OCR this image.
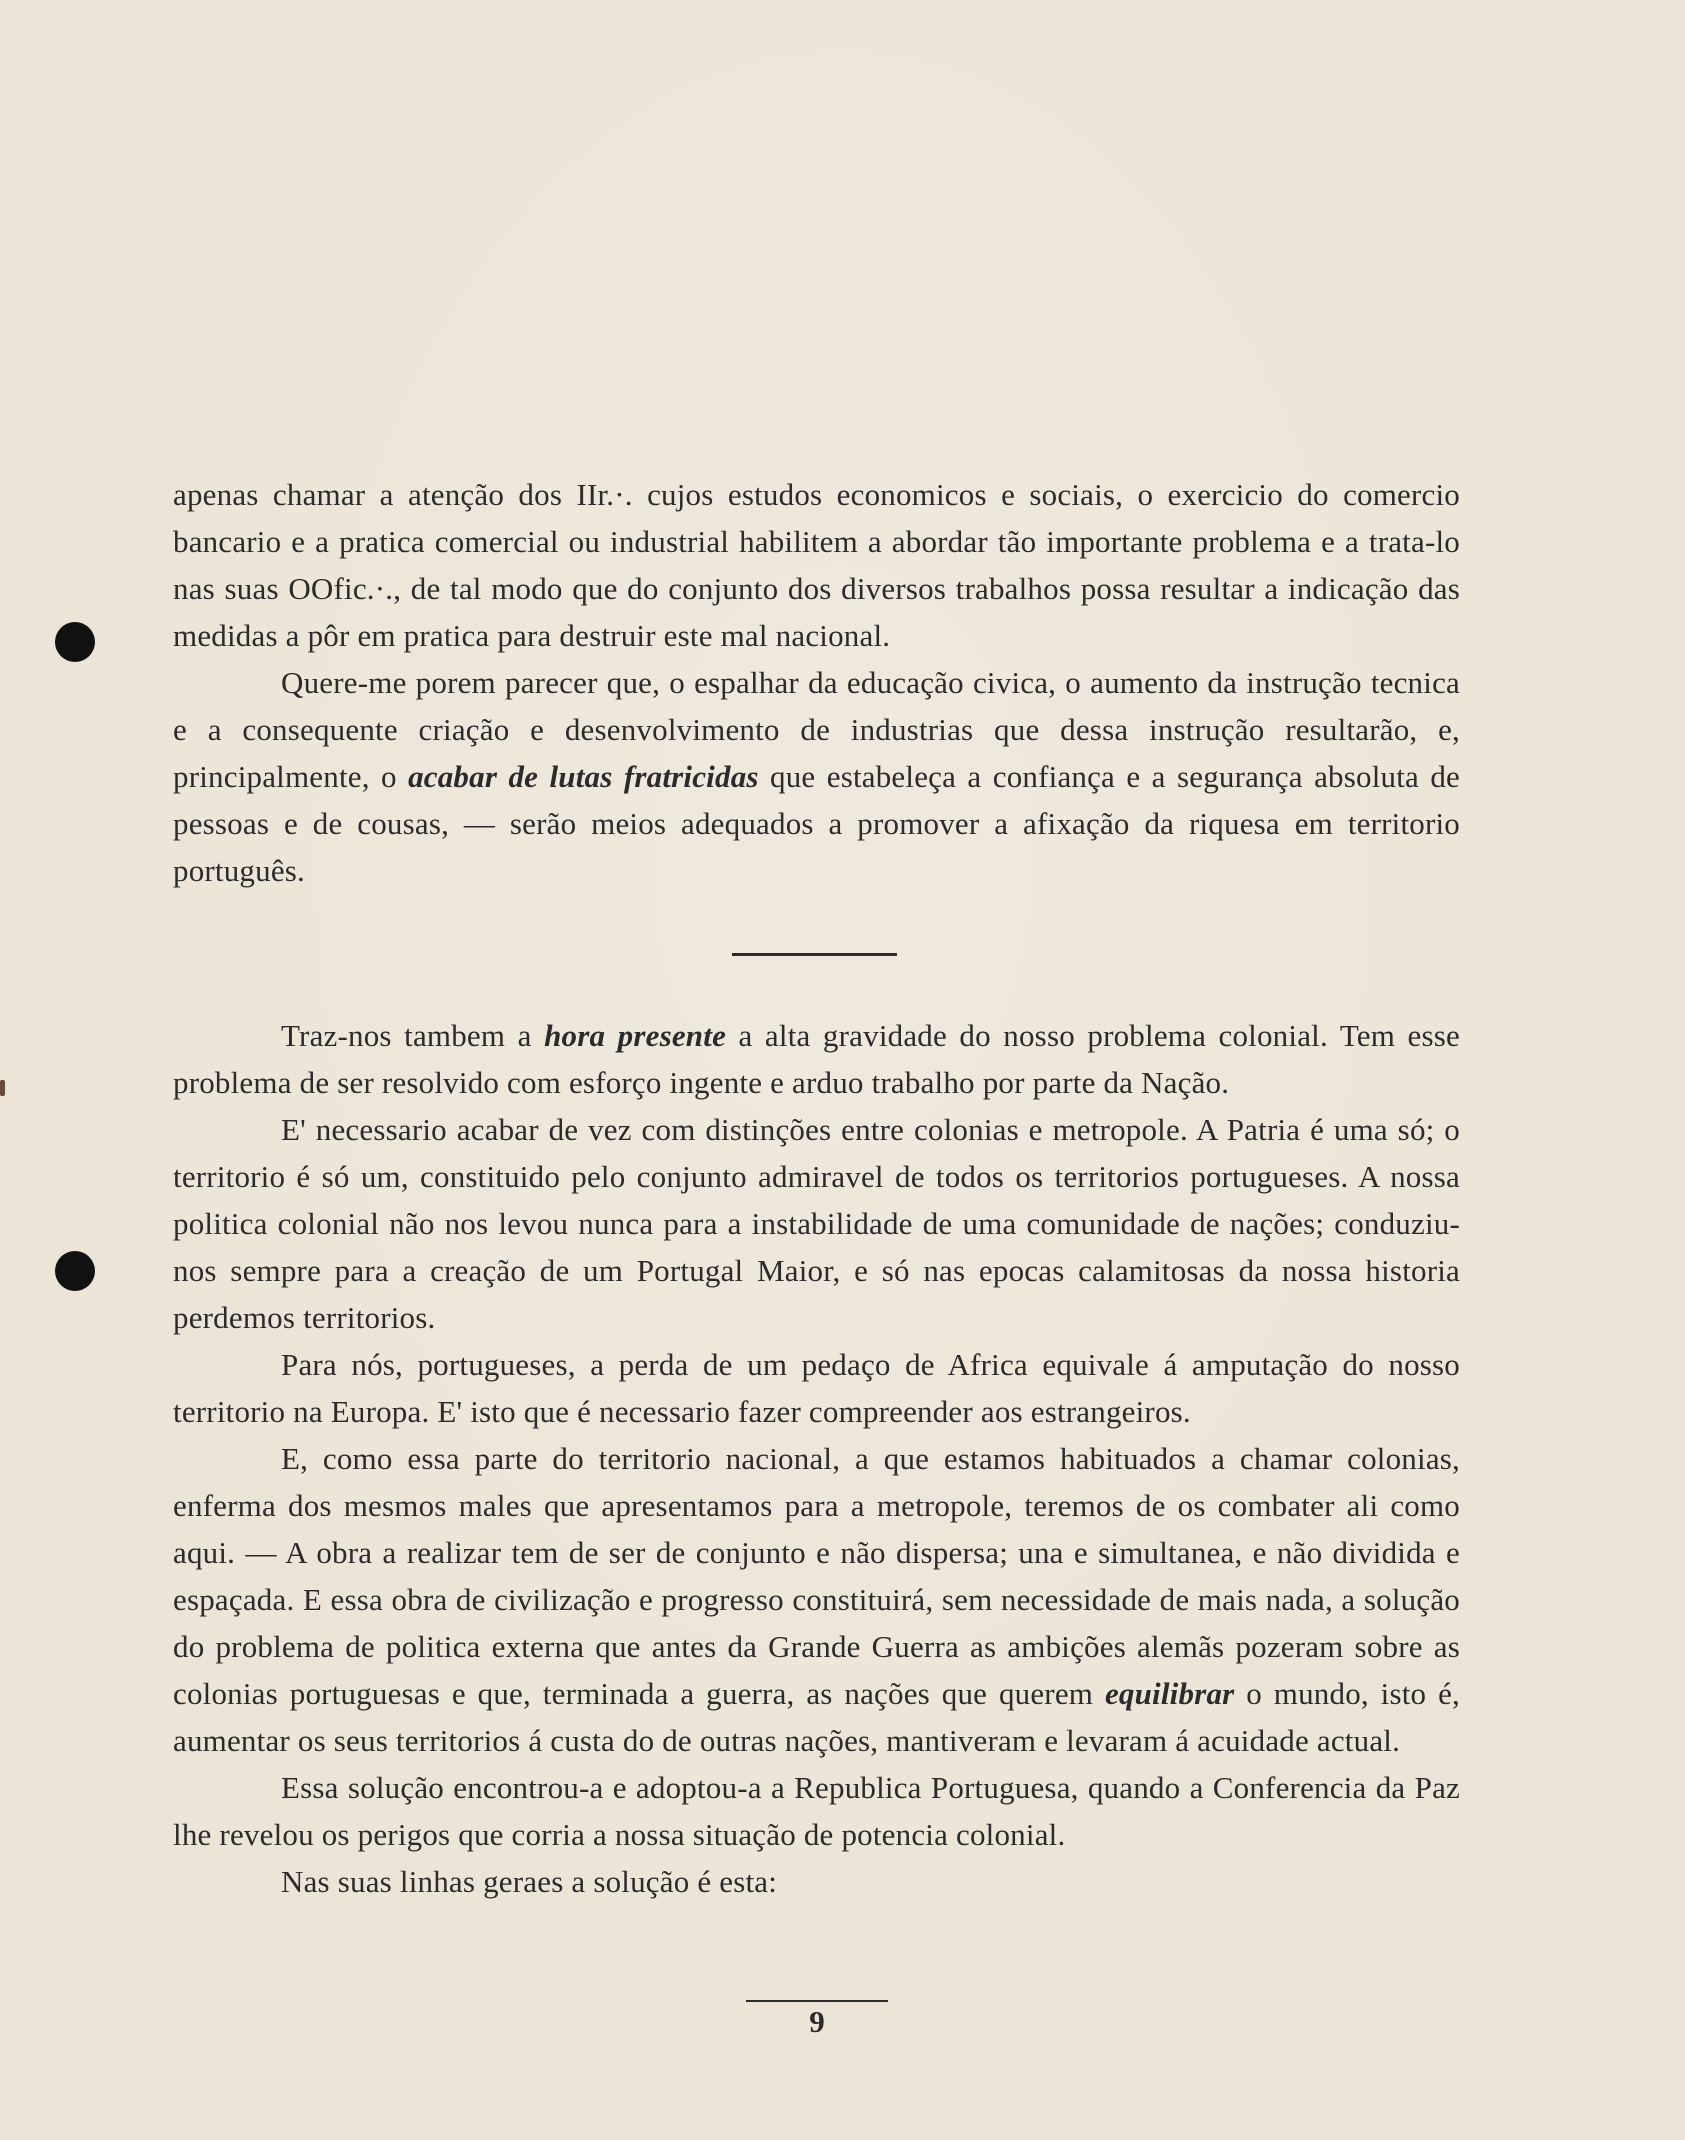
apenas chamar a atenção dos IIr.·. cujos estudos economicos e sociais, o exercicio do comercio bancario e a pratica comercial ou industrial habilitem a abordar tão importante problema e a trata-lo nas suas OOfic.·., de tal modo que do conjunto dos diversos trabalhos possa resultar a indicação das medidas a pôr em pratica para destruir este mal nacional.

Quere-me porem parecer que, o espalhar da educação civica, o aumento da instrução tecnica e a consequente criação e desenvolvimento de industrias que dessa instrução resultarão, e, principalmente, o acabar de lutas fratricidas que estabeleça a confiança e a segurança absoluta de pessoas e de cousas, — serão meios adequados a promover a afixação da riquesa em territorio português.

Traz-nos tambem a hora presente a alta gravidade do nosso problema colonial. Tem esse problema de ser resolvido com esforço ingente e arduo trabalho por parte da Nação.

E' necessario acabar de vez com distinções entre colonias e metropole. A Patria é uma só; o territorio é só um, constituido pelo conjunto admiravel de todos os territorios portugueses. A nossa politica colonial não nos levou nunca para a instabilidade de uma comunidade de nações; conduziu-nos sempre para a creação de um Portugal Maior, e só nas epocas calamitosas da nossa historia perdemos territorios.

Para nós, portugueses, a perda de um pedaço de Africa equivale á amputação do nosso territorio na Europa. E' isto que é necessario fazer compreender aos estrangeiros.

E, como essa parte do territorio nacional, a que estamos habituados a chamar colonias, enferma dos mesmos males que apresentamos para a metropole, teremos de os combater ali como aqui. — A obra a realizar tem de ser de conjunto e não dispersa; una e simultanea, e não dividida e espaçada. E essa obra de civilização e progresso constituirá, sem necessidade de mais nada, a solução do problema de politica externa que antes da Grande Guerra as ambições alemãs pozeram sobre as colonias portuguesas e que, terminada a guerra, as nações que querem equilibrar o mundo, isto é, aumentar os seus territorios á custa do de outras nações, mantiveram e levaram á acuidade actual.

Essa solução encontrou-a e adoptou-a a Republica Portuguesa, quando a Conferencia da Paz lhe revelou os perigos que corria a nossa situação de potencia colonial.

Nas suas linhas geraes a solução é esta:

9
